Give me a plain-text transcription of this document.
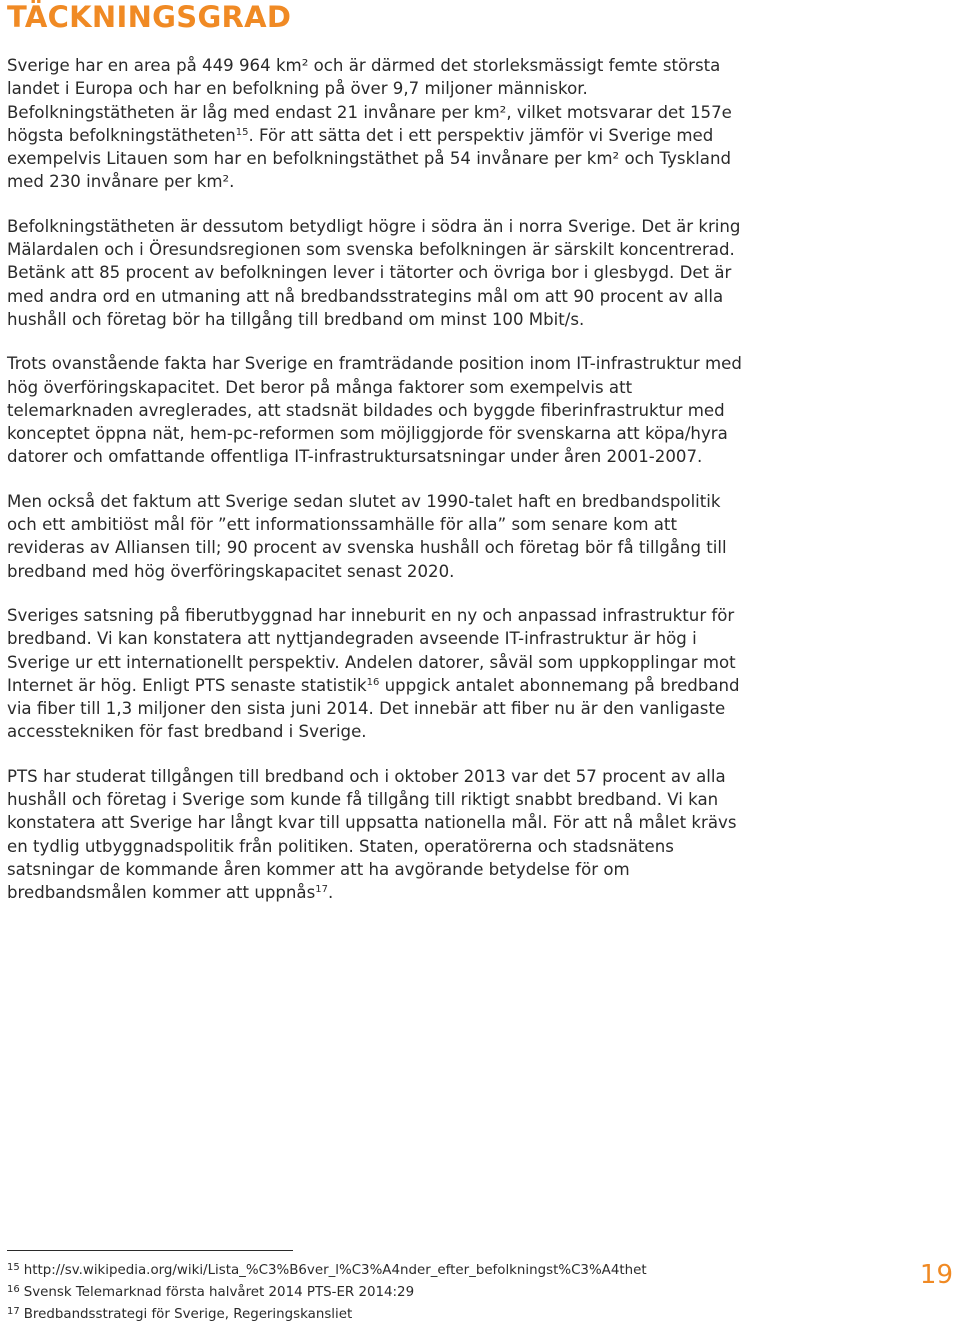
TÄCKNINGSGRAD

Sverige har en area på 449 964 km² och är därmed det storleksmässigt femte största landet i Europa och har en befolkning på över 9,7 miljoner människor. Befolkningstätheten är låg med endast 21 invånare per km², vilket motsvarar det 157e högsta befolkningstätheten$^{15}$. För att sätta det i ett perspektiv jämför vi Sverige med exempelvis Litauen som har en befolkningstäthet på 54 invånare per km² och Tyskland med 230 invånare per km².

Befolkningstätheten är dessutom betydligt högre i södra än i norra Sverige. Det är kring Mälardalen och i Öresundsregionen som svenska befolkningen är särskilt koncentrerad. Betänk att 85 procent av befolkningen lever i tätorter och övriga bor i glesbygd. Det är med andra ord en utmaning att nå bredbandsstrategins mål om att 90 procent av alla hushåll och företag bör ha tillgång till bredband om minst 100 Mbit/s.

Trots ovanstående fakta har Sverige en framträdande position inom IT-infrastruktur med hög överföringskapacitet. Det beror på många faktorer som exempelvis att telemarknaden avreglerades, att stadsnät bildades och byggde fiberinfrastruktur med konceptet öppna nät, hem-pc-reformen som möjliggjorde för svenskarna att köpa/hyra datorer och omfattande offentliga IT-infrastruktursatsningar under åren 2001-2007.

Men också det faktum att Sverige sedan slutet av 1990-talet haft en bredbandspolitik och ett ambitiöst mål för ”ett informationssamhälle för alla” som senare kom att revideras av Alliansen till; 90 procent av svenska hushåll och företag bör få tillgång till bredband med hög överföringskapacitet senast 2020.

Sveriges satsning på fiberutbyggnad har inneburit en ny och anpassad infrastruktur för bredband. Vi kan konstatera att nyttjandegraden avseende IT-infrastruktur är hög i Sverige ur ett internationellt perspektiv. Andelen datorer, såväl som uppkopplingar mot Internet är hög. Enligt PTS senaste statistik$^{16}$ uppgick antalet abonnemang på bredband via fiber till 1,3 miljoner den sista juni 2014. Det innebär att fiber nu är den vanligaste accesstekniken för fast bredband i Sverige.

PTS har studerat tillgången till bredband och i oktober 2013 var det 57 procent av alla hushåll och företag i Sverige som kunde få tillgång till riktigt snabbt bredband. Vi kan konstatera att Sverige har långt kvar till uppsatta nationella mål. För att nå målet krävs en tydlig utbyggnadspolitik från politiken. Staten, operatörerna och stadsnätens satsningar de kommande åren kommer att ha avgörande betydelse för om bredbandsmålen kommer att uppnås$^{17}$.

15 http://sv.wikipedia.org/wiki/Lista_%C3%B6ver_l%C3%A4nder_efter_befolkningst%C3%A4thet
16 Svensk Telemarknad första halvåret 2014 PTS-ER 2014:29
17 Bredbandsstrategi för Sverige, Regeringskansliet
19
